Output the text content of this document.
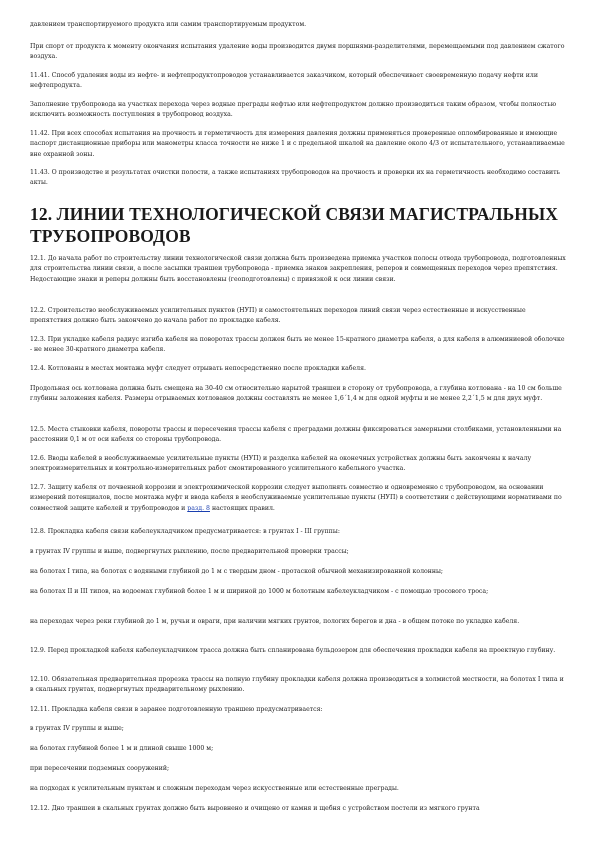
давлением транспортируемого продукта или самим транспортируемым продуктом.

При спорт от продукта к моменту окончания испытания удаление воды производится двумя поршнями-разделителями, перемещаемыми под давлением сжатого воздуха.

11.41. Способ удаления воды из нефте- и нефтепродуктопроводов устанавливается заказчиком, который обеспечивает своевременную подачу нефти или нефтепродукта.

Заполнение трубопровода на участках перехода через водные преграды нефтью или нефтепродуктом должно производиться таким образом, чтобы полностью исключить возможность поступления в трубопровод воздуха.

11.42. При всех способах испытания на прочность и герметичность для измерения давления должны применяться проверенные опломбированные и имеющие паспорт дистанционные приборы или манометры класса точности не ниже 1 и с предельной шкалой на давление около 4/3 от испытательного, устанавливаемые вне охранной зоны.

11.43. О производстве и результатах очистки полости, а также испытаниях трубопроводов на прочность и проверки их на герметичность необходимо составить акты.

12. ЛИНИИ ТЕХНОЛОГИЧЕСКОЙ СВЯЗИ МАГИСТРАЛЬНЫХ ТРУБОПРОВОДОВ

12.1. До начала работ по строительству линии технологической связи должна быть произведена приемка участков полосы отвода трубопровода, подготовленных для строительства линии связи, а после засыпки траншеи трубопровода - приемка знаков закрепления, реперов и совмещенных переходов через препятствия. Недостающие знаки и реперы должны быть восстановлены (геоподготовлены) с привязкой к оси линии связи.

12.2. Строительство необслуживаемых усилительных пунктов (НУП) и самостоятельных переходов линий связи через естественные и искусственные препятствия должно быть закончено до начала работ по прокладке кабеля.

12.3. При укладке кабеля радиус изгиба кабеля на поворотах трассы должен быть не менее 15-кратного диаметра кабеля, а для кабеля в алюминиевой оболочке - не менее 30-кратного диаметра кабеля.

12.4. Котлованы в местах монтажа муфт следует отрывать непосредственно после прокладки кабеля.

Продольная ось котлована должна быть смещена на 30-40 см относительно нарытой траншеи в сторону от трубопровода, а глубина котлована - на 10 см больше глубины заложения кабеля. Размеры отрываемых котлованов должны составлять не менее 1,6´1,4 м для одной муфты и не менее 2,2´1,5 м для двух муфт.

12.5. Места стыковки кабеля, повороты трассы и пересечения трассы кабеля с преградами должны фиксироваться замерными столбиками, установленными на расстоянии 0,1 м от оси кабеля со стороны трубопровода.

12.6. Вводы кабелей в необслуживаемые усилительные пункты (НУП) и разделка кабелей на оконечных устройствах должны быть закончены к началу электроизмерительных и контрольно-измерительных работ смонтированного усилительного кабельного участка.

12.7. Защиту кабеля от почвенной коррозии и электрохимической коррозии следует выполнять совместно и одновременно с трубопроводом, на основании измерений потенциалов, после монтажа муфт и ввода кабеля в необслуживаемые усилительные пункты (НУП) в соответствии с действующими нормативами по совместной защите кабелей и трубопроводов и разд. 8 настоящих правил.

12.8. Прокладка кабеля связи кабелеукладчиком предусматривается: в грунтах I - III группы:

в грунтах IV группы и выше, подвергнутых рыхлению, после предварительной проверки трассы;

на болотах I типа, на болотах с водяными глубиной до 1 м с твердым дном - протаской обычной механизированной колонны;

на болотах II и III типов, на водоемах глубиной более 1 м и шириной до 1000 м болотным кабелеукладчиком - с помощью тросового троса;

на переходах через реки глубиной до 1 м, ручьи и овраги, при наличии мягких грунтов, пологих берегов и дна - в общем потоке по укладке кабеля.

12.9. Перед прокладкой кабеля кабелеукладчиком трасса должна быть спланирована бульдозером для обеспечения прокладки кабеля на проектную глубину.

12.10. Обязательная предварительная прорезка трассы на полную глубину прокладки кабеля должна производиться в холмистой местности, на болотах I типа и в скальных грунтах, подвергнутых предварительному рыхлению.

12.11. Прокладка кабеля связи в заранее подготовленную траншею предусматривается:

в грунтах IV группы и выше;

на болотах глубиной более 1 м и длиной свыше 1000 м;

при пересечении подземных сооружений;

на подходах к усилительным пунктам и сложным переходам через искусственные или естественные преграды.

12.12. Дно траншеи в скальных грунтах должно быть выровнено и очищено от камня и щебня с устройством постели из мягкого грунта
